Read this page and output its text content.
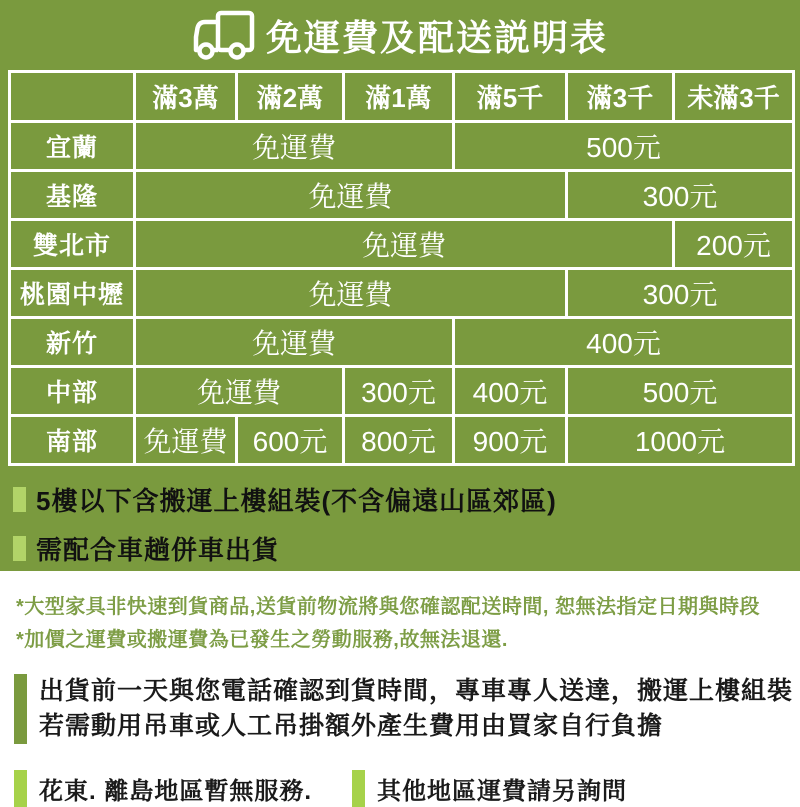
免運費及配送説明表
	滿3萬	滿2萬	滿1萬	滿5千	滿3千	未滿3千
宜蘭	免運費			500元		
基隆	免運費				300元	
雙北市	免運費					200元
桃園中壢	免運費				300元	
新竹	免運費			400元		
中部	免運費		300元	400元	500元	
南部	免運費	600元	800元	900元	1000元	
5樓以下含搬運上樓組裝(不含偏遠山區郊區)
需配合車趟併車出貨

*大型家具非快速到貨商品,送貨前物流將與您確認配送時間, 恕無法指定日期與時段

*加價之運費或搬運費為已發生之勞動服務,故無法退還.

出貨前一天與您電話確認到貨時間，專車專人送達，搬運上樓組裝

若需動用吊車或人工吊掛額外產生費用由買家自行負擔

花東. 離島地區暫無服務.	其他地區運費請另詢問
